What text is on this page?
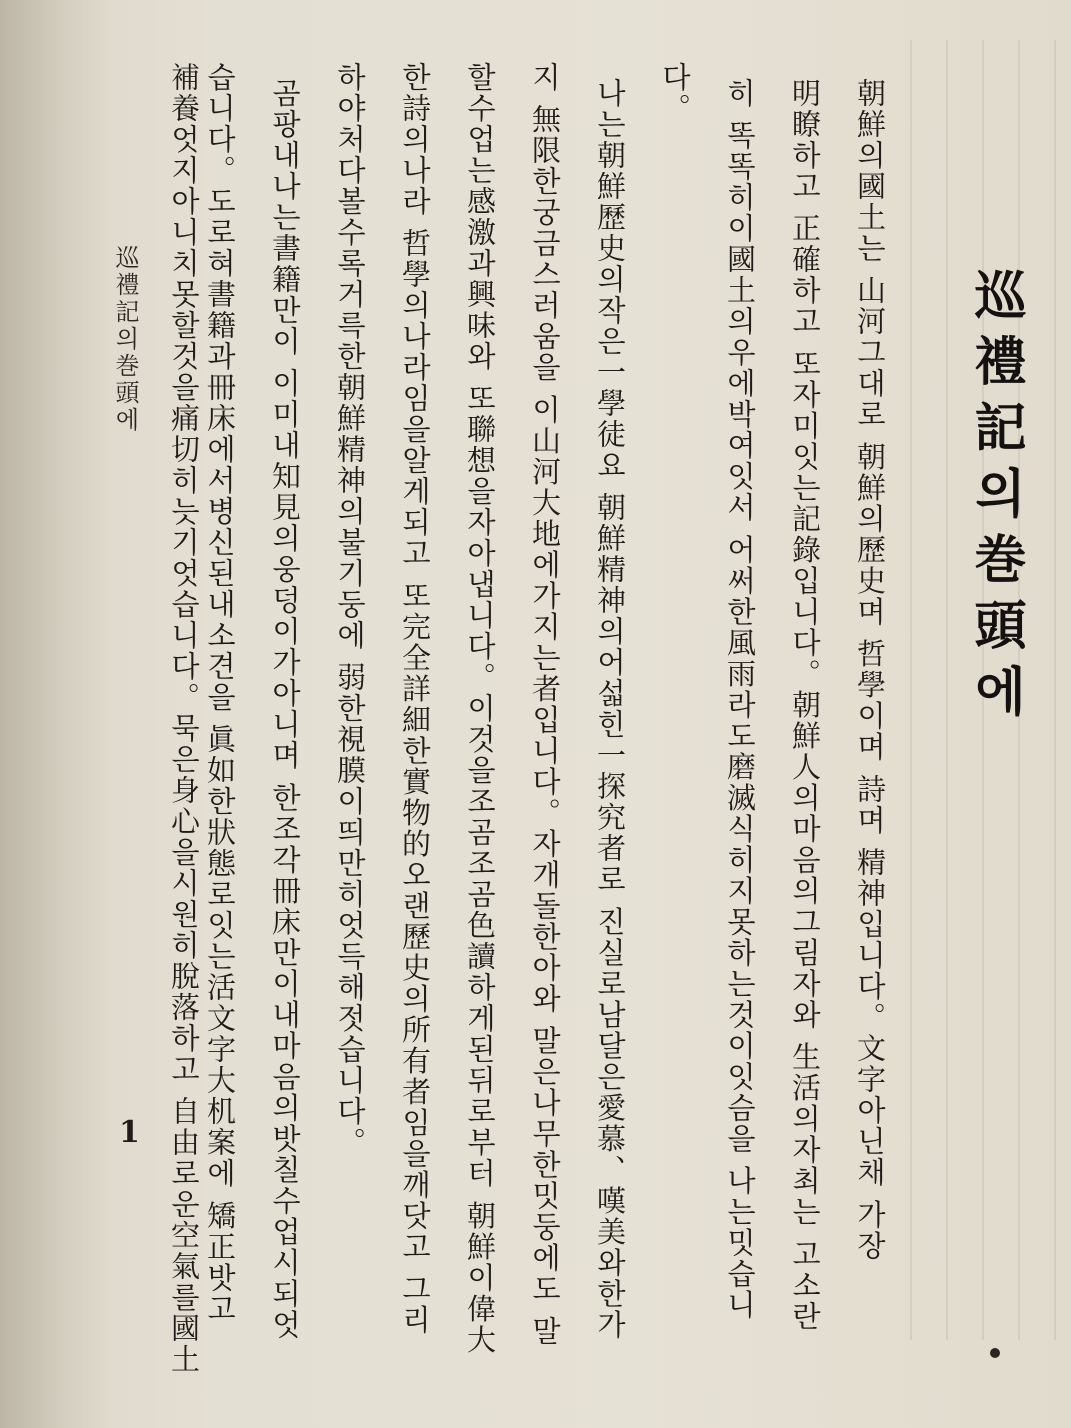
巡禮記의巻頭에
朝鮮의國土는 山河그대로 朝鮮의歷史며 哲學이며 詩며 精神입니다。文字아닌채 가장
明瞭하고 正確하고 또자미잇는記錄입니다。朝鮮人의마음의그림자와 生活의자최는 고소란
히 똑똑히이國土의우에박여잇서 어써한風雨라도磨滅식히지못하는것이잇슴을 나는밋습니
다。
나는朝鮮歷史의작은一學徒요 朝鮮精神의어섧힌一探究者로 진실로남달은愛慕、嘆美와한가
지 無限한궁금스러움을 이山河大地에가지는者입니다。자개돌한아와 말은나무한밋둥에도 말
할수업는感激과興味와 또聯想을자아냅니다。이것을조곰조곰色讀하게된뒤로부터 朝鮮이偉大
한詩의나라 哲學의나라임을알게되고 또完全詳細한實物的오랜歷史의所有者임을깨닷고 그리
하야처다볼수록거륵한朝鮮精神의불기둥에 弱한視膜이띄만히엇득해젓습니다。
곰팡내나는書籍만이 이미내知見의웅덩이가아니며 한조각冊床만이내마음의밧칠수업시되엇
습니다。도로혀書籍과冊床에서병신된내소견을 眞如한狀態로잇는活文字大机案에 矯正밧고
補養엇지아니치못할것을痛切히늣기엇습니다。묵은身心을시원히脫落하고 自由로운空氣를國土
巡禮記의巻頭에
1
